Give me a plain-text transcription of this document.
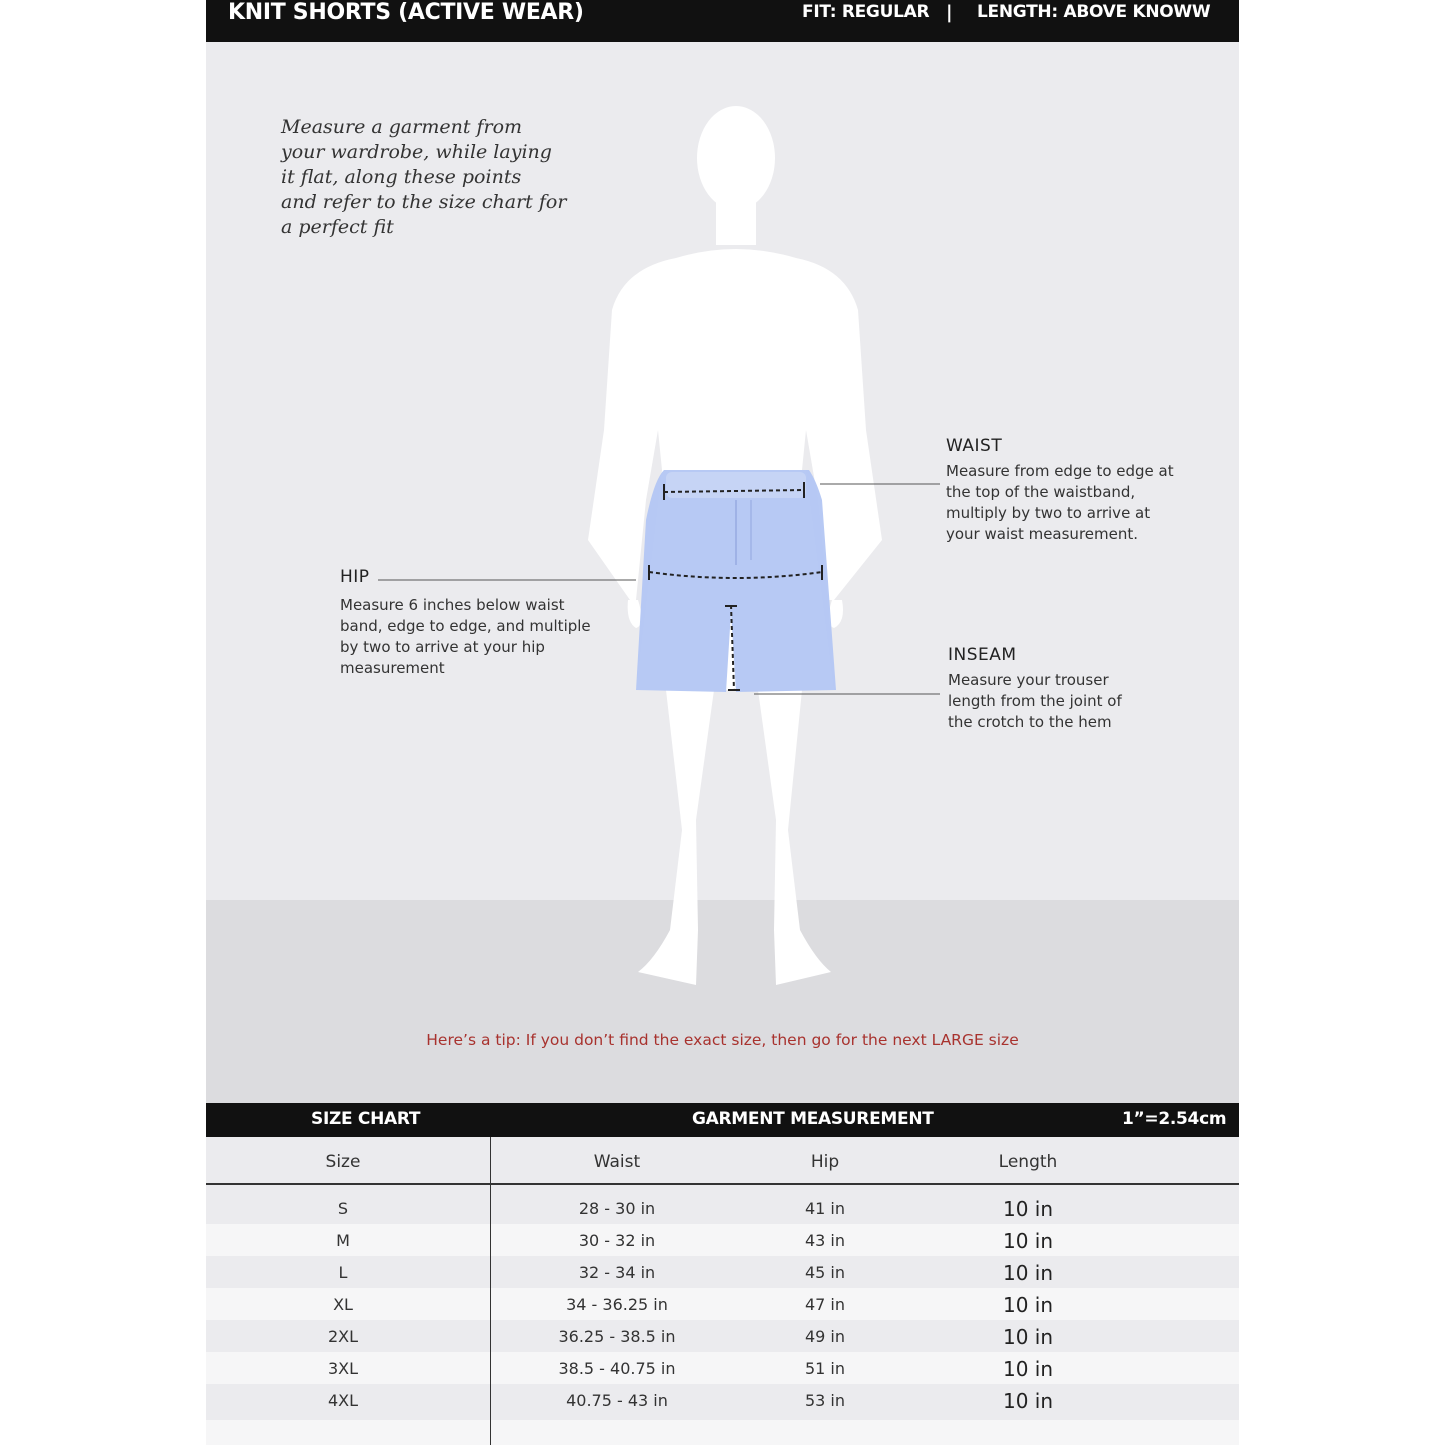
KNIT SHORTS (ACTIVE WEAR)	FIT: REGULAR | LENGTH: ABOVE KNOWW
Measure a garment from
your wardrobe, while laying
it flat, along these points
and refer to the size chart for
a perfect fit
WAIST
Measure from edge to edge at
the top of the waistband,
multiply by two to arrive at
your waist measurement.
HIP
Measure 6 inches below waist
band, edge to edge, and multiple
by two to arrive at your hip
measurement
INSEAM
Measure your trouser
length from the joint of
the crotch to the hem
Here’s a tip: If you don’t find the exact size, then go for the next LARGE size
SIZE CHART	GARMENT MEASUREMENT	1”=2.54cm
Size	Waist	Hip	Length
S	28 - 30 in	41 in	10 in
M	30 - 32 in	43 in	10 in
L	32 - 34 in	45 in	10 in
XL	34 - 36.25 in	47 in	10 in
2XL	36.25 - 38.5 in	49 in	10 in
3XL	38.5 - 40.75 in	51 in	10 in
4XL	40.75 - 43 in	53 in	10 in
